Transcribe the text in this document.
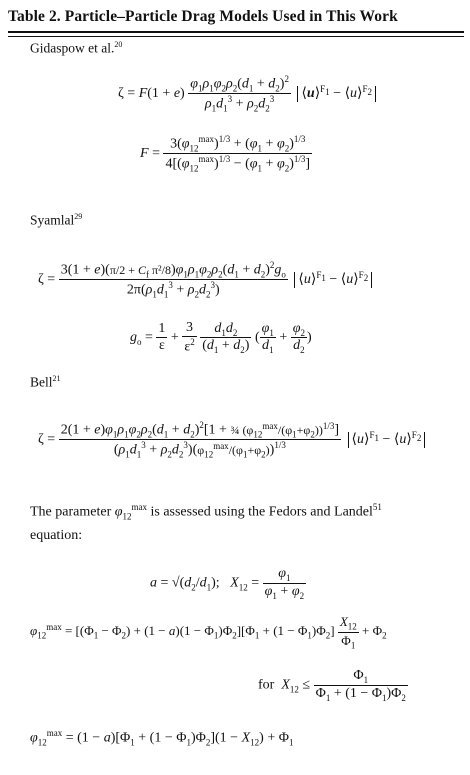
Table 2. Particle–Particle Drag Models Used in This Work
Gidaspow et al.$^{20}$
$\zeta = F(1 + e) \frac{\varphi_1\rho_1\varphi_2\rho_2(d_1 + d_2)^2}{\rho_1d_1^3 + \rho_2d_2^3}$ ⟨u⟩$^{F_1}$ − ⟨u⟩$^{F_2}$
$F = \frac{3(\varphi_{12}^{max})^{1/3} + (\varphi_1 + \varphi_2)^{1/3}}{4[(\varphi_{12}^{max})^{1/3} - (\varphi_1 + \varphi_2)^{1/3}]}$
Syamlal$^{29}$
$\zeta = \frac{3(1 + e)(\pi/2 + C_f \pi^2/8)\varphi_1\rho_1\varphi_2\rho_2(d_1 + d_2)^2g_o}{2\pi(\rho_1d_1^3 + \rho_2d_2^3)}$ ⟨u⟩$^{F_1}$ − ⟨u⟩$^{F_2}$
$g_o = \frac{1}{\varepsilon} + \frac{3}{\varepsilon^2}$
$\frac{d_1d_2}{(d_1 + d_2)}$ ( $\frac{\varphi_1}{d_1} + \frac{\varphi_2}{d_2}$ )
Bell$^{21}$
$\zeta = \frac{2(1 + e)\varphi_1\rho_1\varphi_2\rho_2(d_1 + d_2)^2[1 + \frac{3}{4} (\varphi_{12}^{max}/(\varphi_1+\varphi_2))^{1/3}]}{(\rho_1d_1^3 + \rho_2d_2^3)(\varphi_{12}^{max}/(\varphi_1+\varphi_2))^{1/3}}$ ⟨u⟩$^{F_1}$ − ⟨u⟩$^{F_2}$
The parameter $\varphi_{12}^{max}$ is assessed using the Fedors and Landel$^{51}$
equation:
$a = √(d_2/d_1)$;   $X_{12} = \frac{\varphi_1}{\varphi_1 + \varphi_2}$
$\varphi_{12}^{max} = [(\Phi_1 - \Phi_2) + (1 - a)(1 - \Phi_1)\Phi_2][\Phi_1 + (1 - \Phi_1)\Phi_2] \frac{X_{12}}{\Phi_1} + \Phi_2$
for $X_{12} \le \frac{\Phi_1}{\Phi_1 + (1 - \Phi_1)\Phi_2}$
$\varphi_{12}^{max} = (1 - a)[\Phi_1 + (1 - \Phi_1)\Phi_2](1 - X_{12}) + \Phi_1$
